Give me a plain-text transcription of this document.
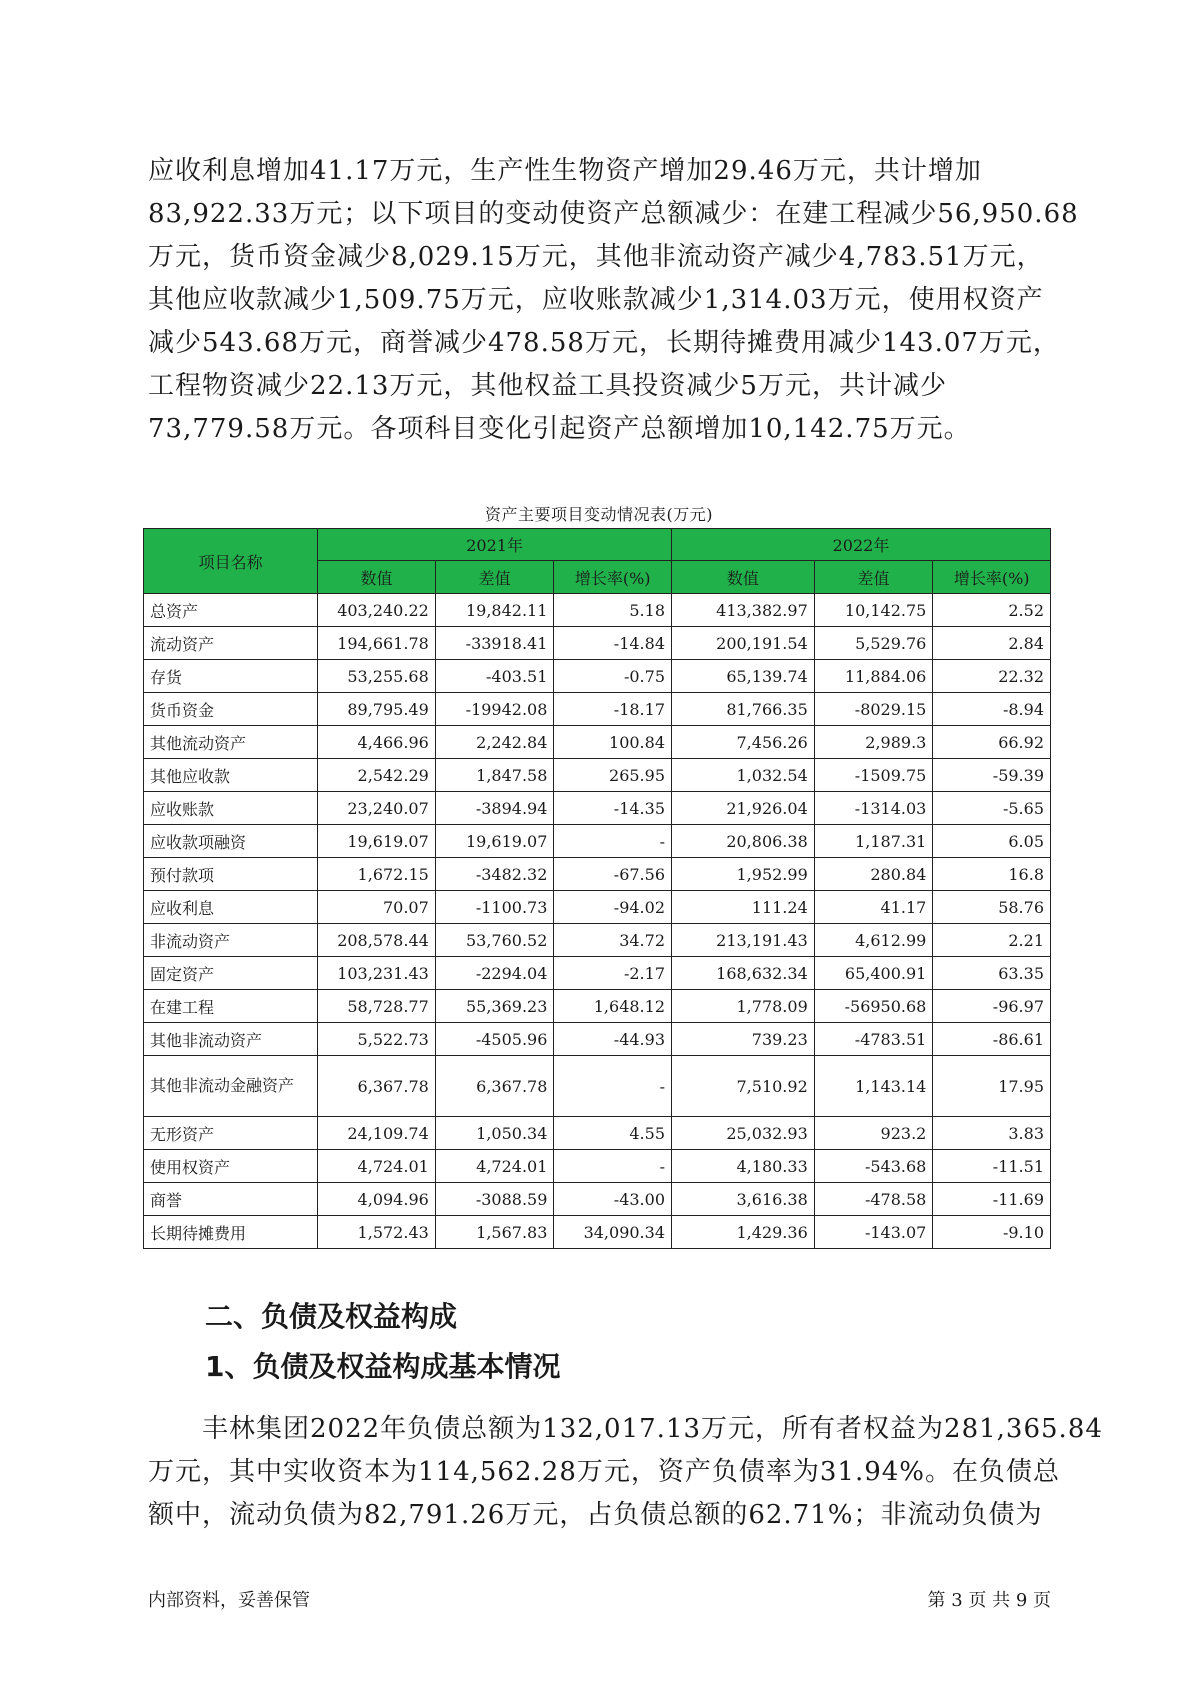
应收利息增加41.17万元，生产性生物资产增加29.46万元，共计增加
83,922.33万元；以下项目的变动使资产总额减少：在建工程减少56,950.68
万元，货币资金减少8,029.15万元，其他非流动资产减少4,783.51万元，
其他应收款减少1,509.75万元，应收账款减少1,314.03万元，使用权资产
减少543.68万元，商誉减少478.58万元，长期待摊费用减少143.07万元，
工程物资减少22.13万元，其他权益工具投资减少5万元，共计减少
73,779.58万元。各项科目变化引起资产总额增加10,142.75万元。
资产主要项目变动情况表(万元)
项目名称	2021年			2022年		
	数值	差值	增长率(%)	数值	差值	增长率(%)
总资产	403,240.22	19,842.11	5.18	413,382.97	10,142.75	2.52
流动资产	194,661.78	-33918.41	-14.84	200,191.54	5,529.76	2.84
存货	53,255.68	-403.51	-0.75	65,139.74	11,884.06	22.32
货币资金	89,795.49	-19942.08	-18.17	81,766.35	-8029.15	-8.94
其他流动资产	4,466.96	2,242.84	100.84	7,456.26	2,989.3	66.92
其他应收款	2,542.29	1,847.58	265.95	1,032.54	-1509.75	-59.39
应收账款	23,240.07	-3894.94	-14.35	21,926.04	-1314.03	-5.65
应收款项融资	19,619.07	19,619.07	-	20,806.38	1,187.31	6.05
预付款项	1,672.15	-3482.32	-67.56	1,952.99	280.84	16.8
应收利息	70.07	-1100.73	-94.02	111.24	41.17	58.76
非流动资产	208,578.44	53,760.52	34.72	213,191.43	4,612.99	2.21
固定资产	103,231.43	-2294.04	-2.17	168,632.34	65,400.91	63.35
在建工程	58,728.77	55,369.23	1,648.12	1,778.09	-56950.68	-96.97
其他非流动资产	5,522.73	-4505.96	-44.93	739.23	-4783.51	-86.61
其他非流动金融资产	6,367.78	6,367.78	-	7,510.92	1,143.14	17.95
无形资产	24,109.74	1,050.34	4.55	25,032.93	923.2	3.83
使用权资产	4,724.01	4,724.01	-	4,180.33	-543.68	-11.51
商誉	4,094.96	-3088.59	-43.00	3,616.38	-478.58	-11.69
长期待摊费用	1,572.43	1,567.83	34,090.34	1,429.36	-143.07	-9.10
二、负债及权益构成
1、负债及权益构成基本情况
丰林集团2022年负债总额为132,017.13万元，所有者权益为281,365.84
万元，其中实收资本为114,562.28万元，资产负债率为31.94%。在负债总
额中，流动负债为82,791.26万元，占负债总额的62.71%；非流动负债为
内部资料，妥善保管	第 3 页 共 9 页
